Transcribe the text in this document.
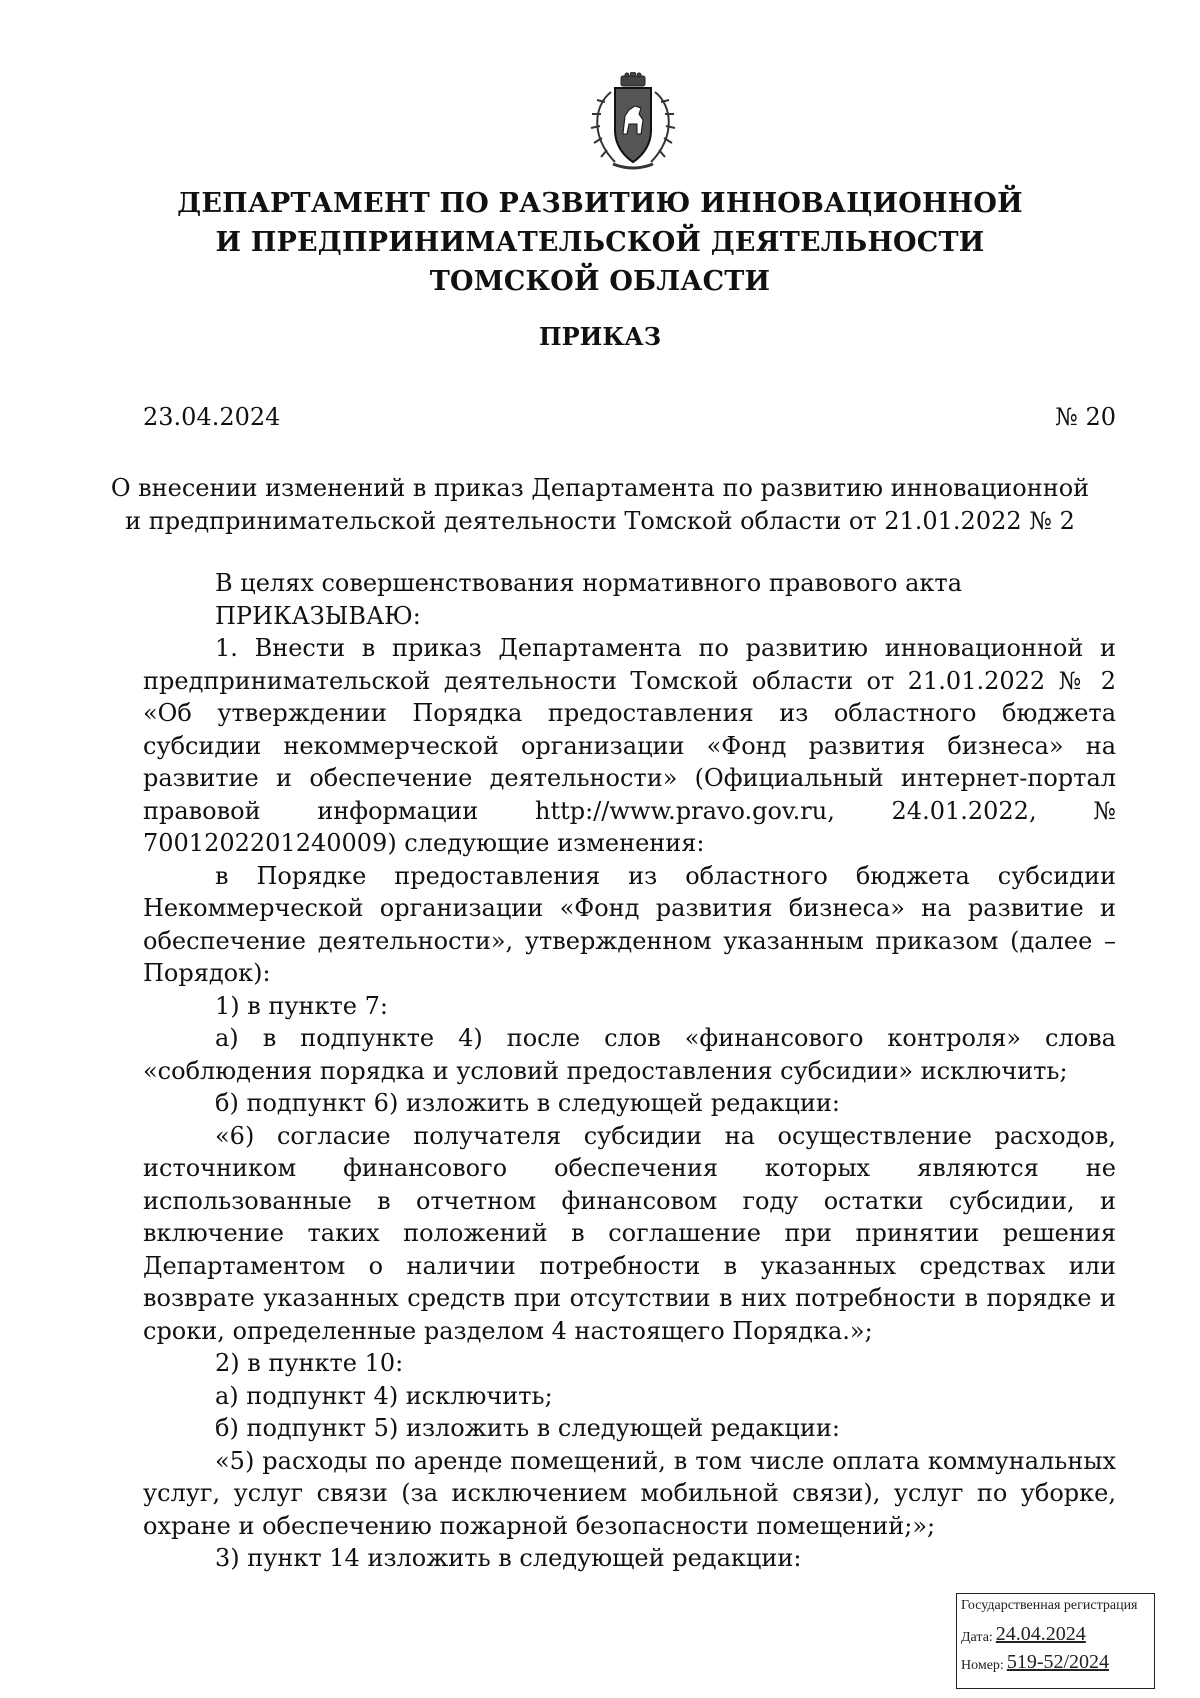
ДЕПАРТАМЕНТ ПО РАЗВИТИЮ ИННОВАЦИОННОЙ
И ПРЕДПРИНИМАТЕЛЬСКОЙ ДЕЯТЕЛЬНОСТИ
ТОМСКОЙ ОБЛАСТИ
ПРИКАЗ
23.04.2024	№ 20
О внесении изменений в приказ Департамента по развитию инновационной
и предпринимательской деятельности Томской области от 21.01.2022 № 2

В целях совершенствования нормативного правового акта

ПРИКАЗЫВАЮ:

1. Внести в приказ Департамента по развитию инновационной и предпринимательской деятельности Томской области от 21.01.2022 № 2 «Об утверждении Порядка предоставления из областного бюджета субсидии некоммерческой организации «Фонд развития бизнеса» на развитие и обеспечение деятельности» (Официальный интернет-портал правовой информации http://www.pravo.gov.ru, 24.01.2022, № 7001202201240009) следующие изменения:

в Порядке предоставления из областного бюджета субсидии Некоммерческой организации «Фонд развития бизнеса» на развитие и обеспечение деятельности», утвержденном указанным приказом (далее – Порядок):

1) в пункте 7:

а) в подпункте 4) после слов «финансового контроля» слова «соблюдения порядка и условий предоставления субсидии» исключить;

б) подпункт 6) изложить в следующей редакции:

«6) согласие получателя субсидии на осуществление расходов, источником финансового обеспечения которых являются не использованные в отчетном финансовом году остатки субсидии, и включение таких положений в соглашение при принятии решения Департаментом о наличии потребности в указанных средствах или возврате указанных средств при отсутствии в них потребности в порядке и сроки, определенные разделом 4 настоящего Порядка.»;

2) в пункте 10:

а) подпункт 4) исключить;

б) подпункт 5) изложить в следующей редакции:

«5) расходы по аренде помещений, в том числе оплата коммунальных услуг, услуг связи (за исключением мобильной связи), услуг по уборке, охране и обеспечению пожарной безопасности помещений;»;

3) пункт 14 изложить в следующей редакции:

Государственная регистрация
Дата: 24.04.2024
Номер: 519-52/2024
